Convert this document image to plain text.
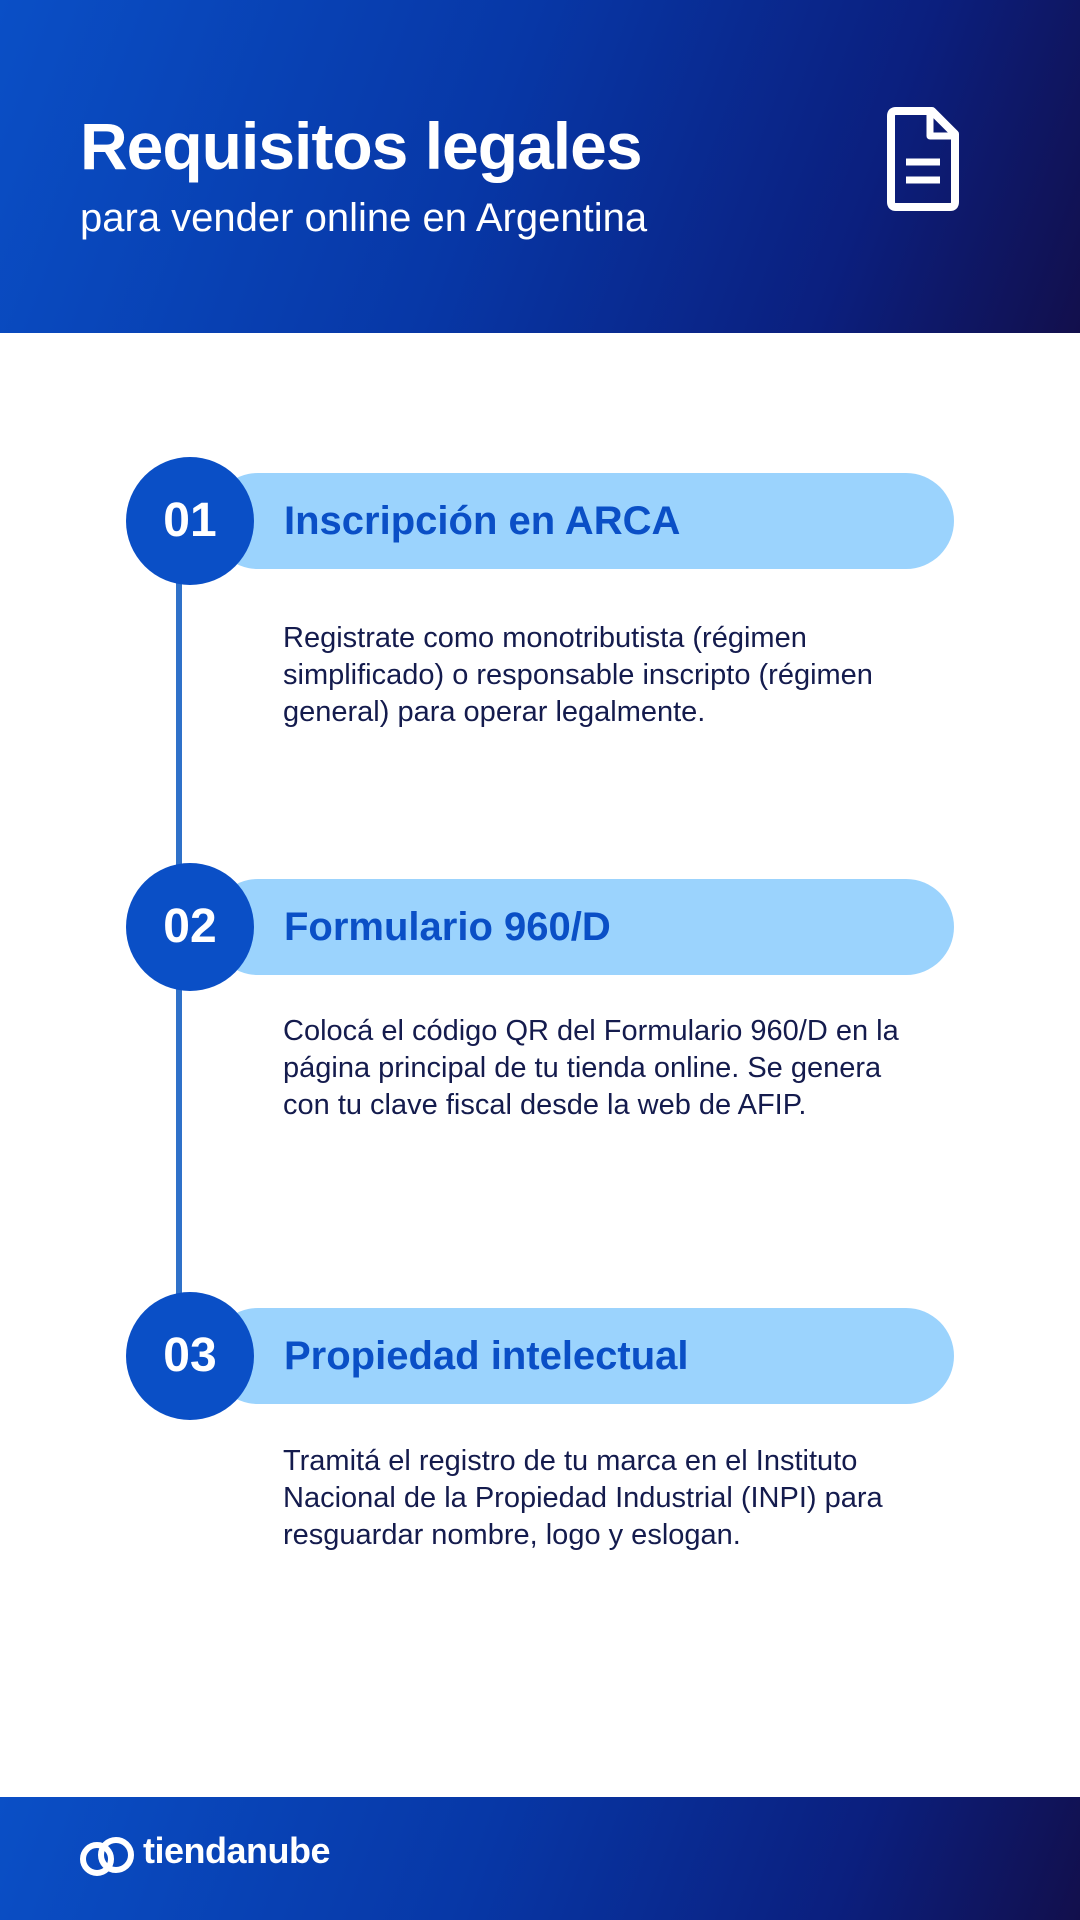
Requisitos legales
para vender online en Argentina
Inscripción en ARCA
01
Registrate como monotributista (régimen simplificado) o responsable inscripto (régimen general) para operar legalmente.
Formulario 960/D
02
Colocá el código QR del Formulario 960/D en la página principal de tu tienda online. Se genera con tu clave fiscal desde la web de AFIP.
Propiedad intelectual
03
Tramitá el registro de tu marca en el Instituto Nacional de la Propiedad Industrial (INPI) para resguardar nombre, logo y eslogan.
tiendanube
